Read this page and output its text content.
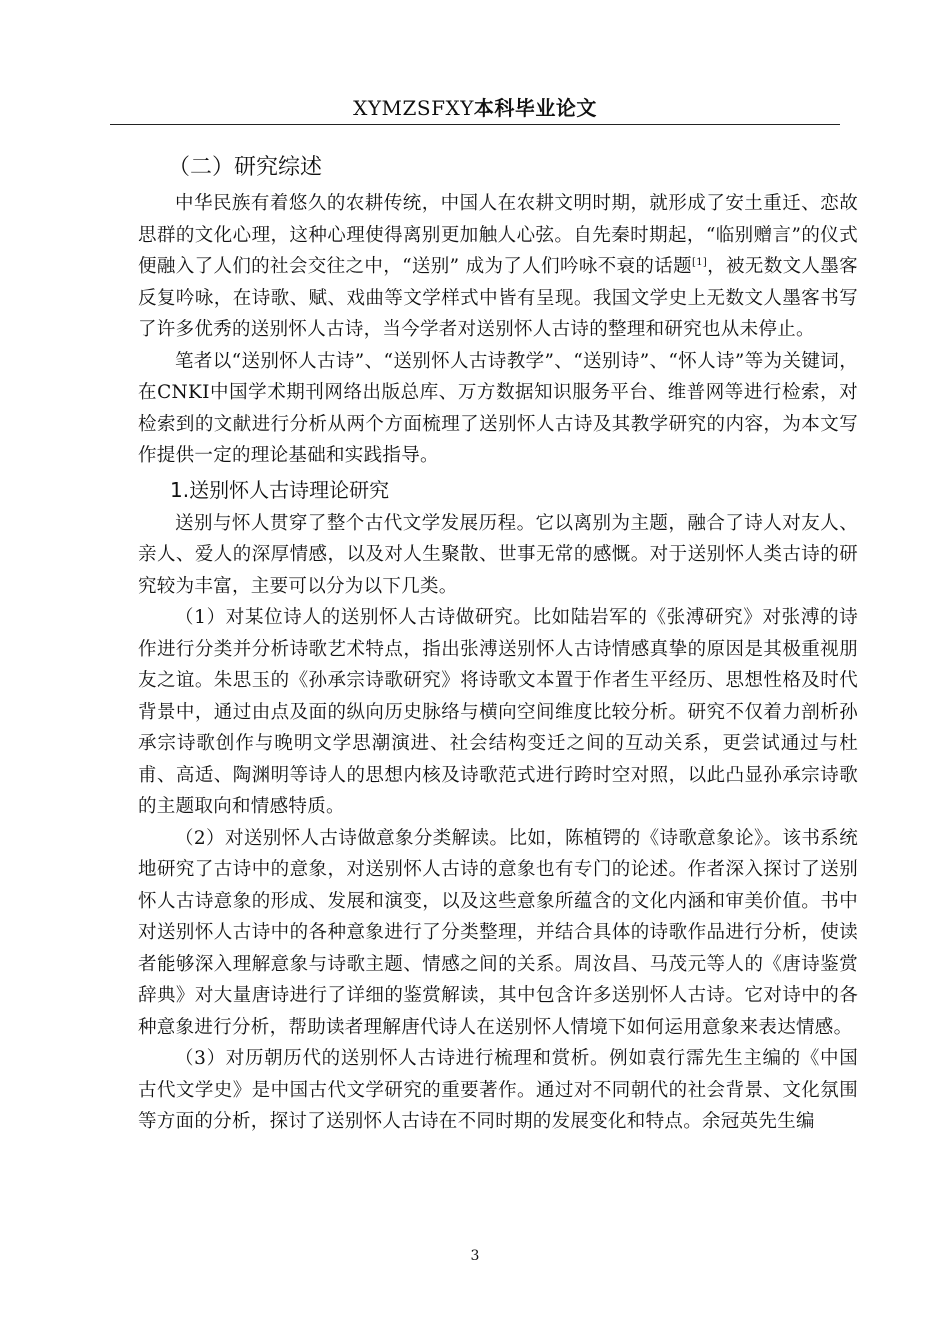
XYMZSFXY本科毕业论文
（二）研究综述

中华民族有着悠久的农耕传统，中国人在农耕文明时期，就形成了安土重迁、恋故思群的文化心理，这种心理使得离别更加触人心弦。自先秦时期起，“临别赠言”的仪式便融入了人们的社会交往之中，“送别” 成为了人们吟咏不衰的话题[1]，被无数文人墨客反复吟咏，在诗歌、赋、戏曲等文学样式中皆有呈现。我国文学史上无数文人墨客书写了许多优秀的送别怀人古诗，当今学者对送别怀人古诗的整理和研究也从未停止。

笔者以“送别怀人古诗”、“送别怀人古诗教学”、“送别诗”、“怀人诗”等为关键词，在CNKI中国学术期刊网络出版总库、万方数据知识服务平台、维普网等进行检索，对检索到的文献进行分析从两个方面梳理了送别怀人古诗及其教学研究的内容，为本文写作提供一定的理论基础和实践指导。

1.送别怀人古诗理论研究

送别与怀人贯穿了整个古代文学发展历程。它以离别为主题，融合了诗人对友人、亲人、爱人的深厚情感，以及对人生聚散、世事无常的感慨。对于送别怀人类古诗的研究较为丰富，主要可以分为以下几类。

（1）对某位诗人的送别怀人古诗做研究。比如陆岩军的《张溥研究》对张溥的诗作进行分类并分析诗歌艺术特点，指出张溥送别怀人古诗情感真挚的原因是其极重视朋友之谊。朱思玉的《孙承宗诗歌研究》将诗歌文本置于作者生平经历、思想性格及时代背景中，通过由点及面的纵向历史脉络与横向空间维度比较分析。研究不仅着力剖析孙承宗诗歌创作与晚明文学思潮演进、社会结构变迁之间的互动关系，更尝试通过与杜甫、高适、陶渊明等诗人的思想内核及诗歌范式进行跨时空对照，以此凸显孙承宗诗歌的主题取向和情感特质。

（2）对送别怀人古诗做意象分类解读。比如，陈植锷的《诗歌意象论》。该书系统地研究了古诗中的意象，对送别怀人古诗的意象也有专门的论述。作者深入探讨了送别怀人古诗意象的形成、发展和演变，以及这些意象所蕴含的文化内涵和审美价值。书中对送别怀人古诗中的各种意象进行了分类整理，并结合具体的诗歌作品进行分析，使读者能够深入理解意象与诗歌主题、情感之间的关系。周汝昌、马茂元等人的《唐诗鉴赏辞典》对大量唐诗进行了详细的鉴赏解读，其中包含许多送别怀人古诗。它对诗中的各种意象进行分析，帮助读者理解唐代诗人在送别怀人情境下如何运用意象来表达情感。

（3）对历朝历代的送别怀人古诗进行梳理和赏析。例如袁行霈先生主编的《中国古代文学史》是中国古代文学研究的重要著作。通过对不同朝代的社会背景、文化氛围等方面的分析，探讨了送别怀人古诗在不同时期的发展变化和特点。余冠英先生编

3
